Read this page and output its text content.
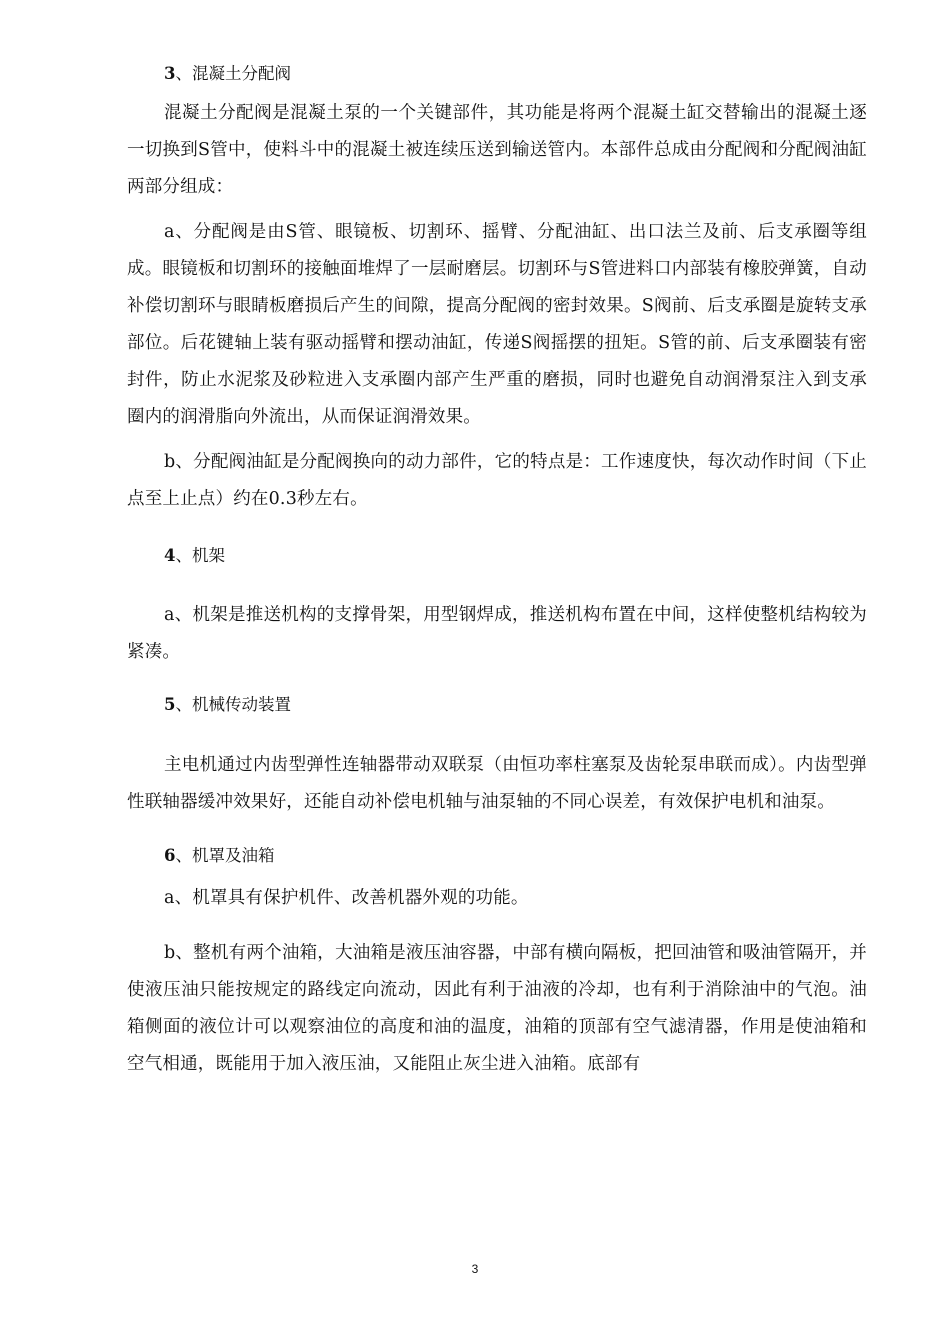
3、混凝土分配阀

混凝土分配阀是混凝土泵的一个关键部件，其功能是将两个混凝土缸交替输出的混凝土逐一切换到S管中，使料斗中的混凝土被连续压送到输送管内。本部件总成由分配阀和分配阀油缸两部分组成：

a、分配阀是由S管、眼镜板、切割环、摇臂、分配油缸、出口法兰及前、后支承圈等组成。眼镜板和切割环的接触面堆焊了一层耐磨层。切割环与S管进料口内部装有橡胶弹簧，自动补偿切割环与眼睛板磨损后产生的间隙，提高分配阀的密封效果。S阀前、后支承圈是旋转支承部位。后花键轴上装有驱动摇臂和摆动油缸，传递S阀摇摆的扭矩。S管的前、后支承圈装有密封件，防止水泥浆及砂粒进入支承圈内部产生严重的磨损，同时也避免自动润滑泵注入到支承圈内的润滑脂向外流出，从而保证润滑效果。

b、分配阀油缸是分配阀换向的动力部件，它的特点是：工作速度快，每次动作时间（下止点至上止点）约在0.3秒左右。

4、机架

a、机架是推送机构的支撑骨架，用型钢焊成，推送机构布置在中间，这样使整机结构较为紧凑。

5、机械传动装置

主电机通过内齿型弹性连轴器带动双联泵（由恒功率柱塞泵及齿轮泵串联而成）。内齿型弹性联轴器缓冲效果好，还能自动补偿电机轴与油泵轴的不同心误差，有效保护电机和油泵。

6、机罩及油箱

a、机罩具有保护机件、改善机器外观的功能。

b、整机有两个油箱，大油箱是液压油容器，中部有横向隔板，把回油管和吸油管隔开，并使液压油只能按规定的路线定向流动，因此有利于油液的冷却，也有利于消除油中的气泡。油箱侧面的液位计可以观察油位的高度和油的温度，油箱的顶部有空气滤清器，作用是使油箱和空气相通，既能用于加入液压油，又能阻止灰尘进入油箱。底部有

3
